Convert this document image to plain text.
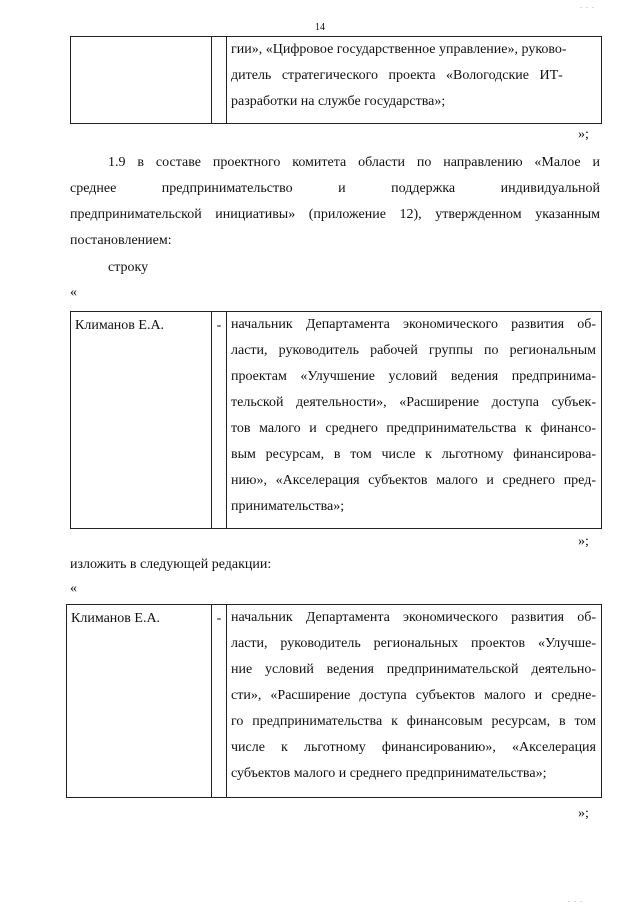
14
. . .
. . .
гии», «Цифровое государственное управление», руково-
дитель стратегического проекта «Вологодские ИТ-
разработки на службе государства»;
»;
1.9 в составе проектного комитета области по направлению «Малое и
среднее предпринимательство и поддержка индивидуальной
предпринимательской инициативы» (приложение 12), утвержденном указанным
постановлением:
строку
«
Климанов Е.А.	- начальник Департамента экономического развития об-
ласти, руководитель рабочей группы по региональным
проектам «Улучшение условий ведения предпринима-
тельской деятельности», «Расширение доступа субъек-
тов малого и среднего предпринимательства к финансо-
вым ресурсам, в том числе к льготному финансирова-
нию», «Акселерация субъектов малого и среднего пред-
принимательства»;
»;
изложить в следующей редакции:
«
Климанов Е.А.	- начальник Департамента экономического развития об-
ласти, руководитель региональных проектов «Улучше-
ние условий ведения предпринимательской деятельно-
сти», «Расширение доступа субъектов малого и средне-
го предпринимательства к финансовым ресурсам, в том
числе к льготному финансированию», «Акселерация
субъектов малого и среднего предпринимательства»;
»;
